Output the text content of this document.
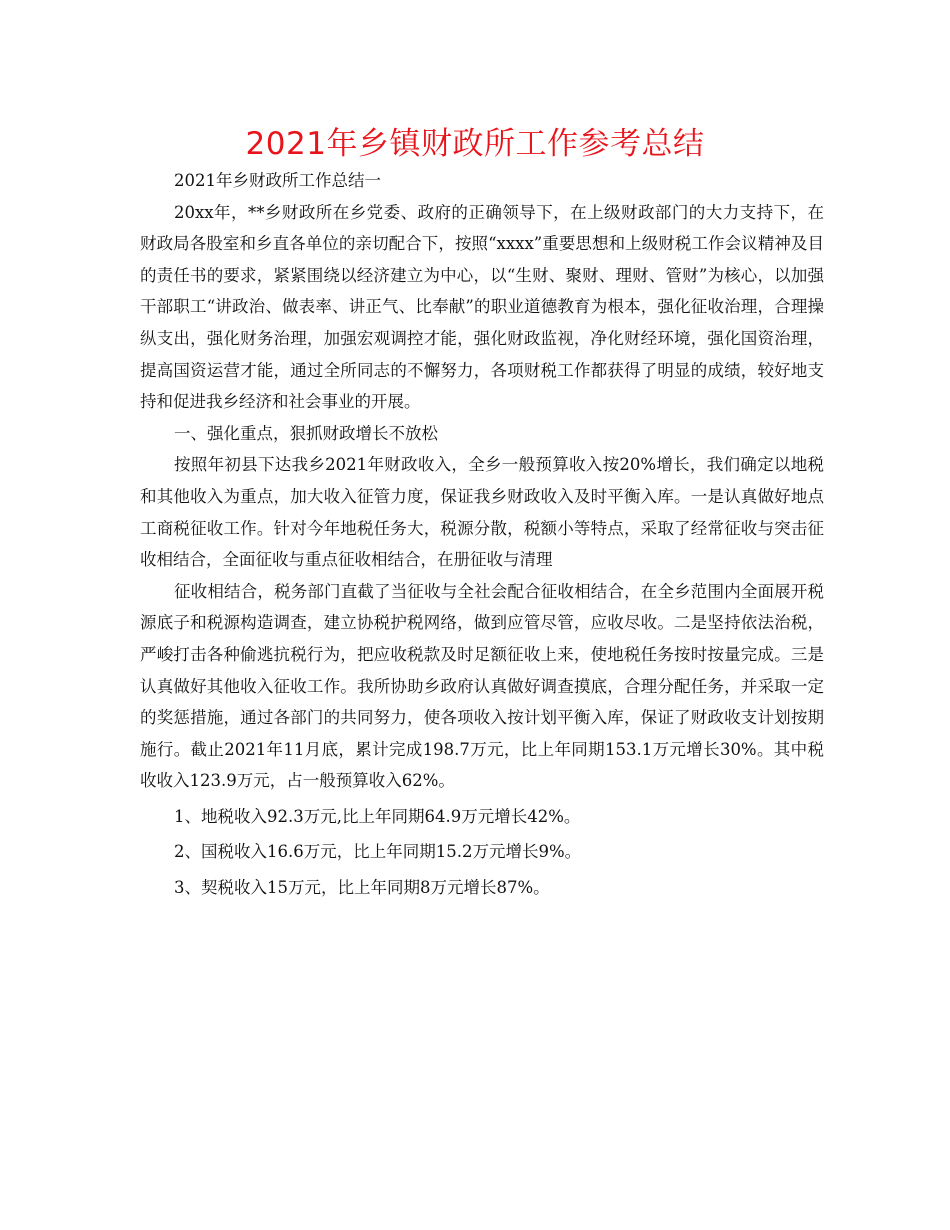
2021年乡镇财政所工作参考总结

2021年乡财政所工作总结一

20xx年，**乡财政所在乡党委、政府的正确领导下，在上级财政部门的大力支持下，在财政局各股室和乡直各单位的亲切配合下，按照“xxxx”重要思想和上级财税工作会议精神及目的责任书的要求，紧紧围绕以经济建立为中心，以“生财、聚财、理财、管财”为核心，以加强干部职工“讲政治、做表率、讲正气、比奉献”的职业道德教育为根本，强化征收治理，合理操纵支出，强化财务治理，加强宏观调控才能，强化财政监视，净化财经环境，强化国资治理，提高国资运营才能，通过全所同志的不懈努力，各项财税工作都获得了明显的成绩，较好地支持和促进我乡经济和社会事业的开展。

一、强化重点，狠抓财政增长不放松

按照年初县下达我乡2021年财政收入，全乡一般预算收入按20%增长，我们确定以地税和其他收入为重点，加大收入征管力度，保证我乡财政收入及时平衡入库。一是认真做好地点工商税征收工作。针对今年地税任务大，税源分散，税额小等特点，采取了经常征收与突击征收相结合，全面征收与重点征收相结合，在册征收与清理

征收相结合，税务部门直截了当征收与全社会配合征收相结合，在全乡范围内全面展开税源底子和税源构造调查，建立协税护税网络，做到应管尽管，应收尽收。二是坚持依法治税，严峻打击各种偷逃抗税行为，把应收税款及时足额征收上来，使地税任务按时按量完成。三是认真做好其他收入征收工作。我所协助乡政府认真做好调查摸底，合理分配任务，并采取一定的奖惩措施，通过各部门的共同努力，使各项收入按计划平衡入库，保证了财政收支计划按期施行。截止2021年11月底，累计完成198.7万元，比上年同期153.1万元增长30%。其中税收收入123.9万元，占一般预算收入62%。

1、地税收入92.3万元,比上年同期64.9万元增长42%。

2、国税收入16.6万元，比上年同期15.2万元增长9%。

3、契税收入15万元，比上年同期8万元增长87%。
